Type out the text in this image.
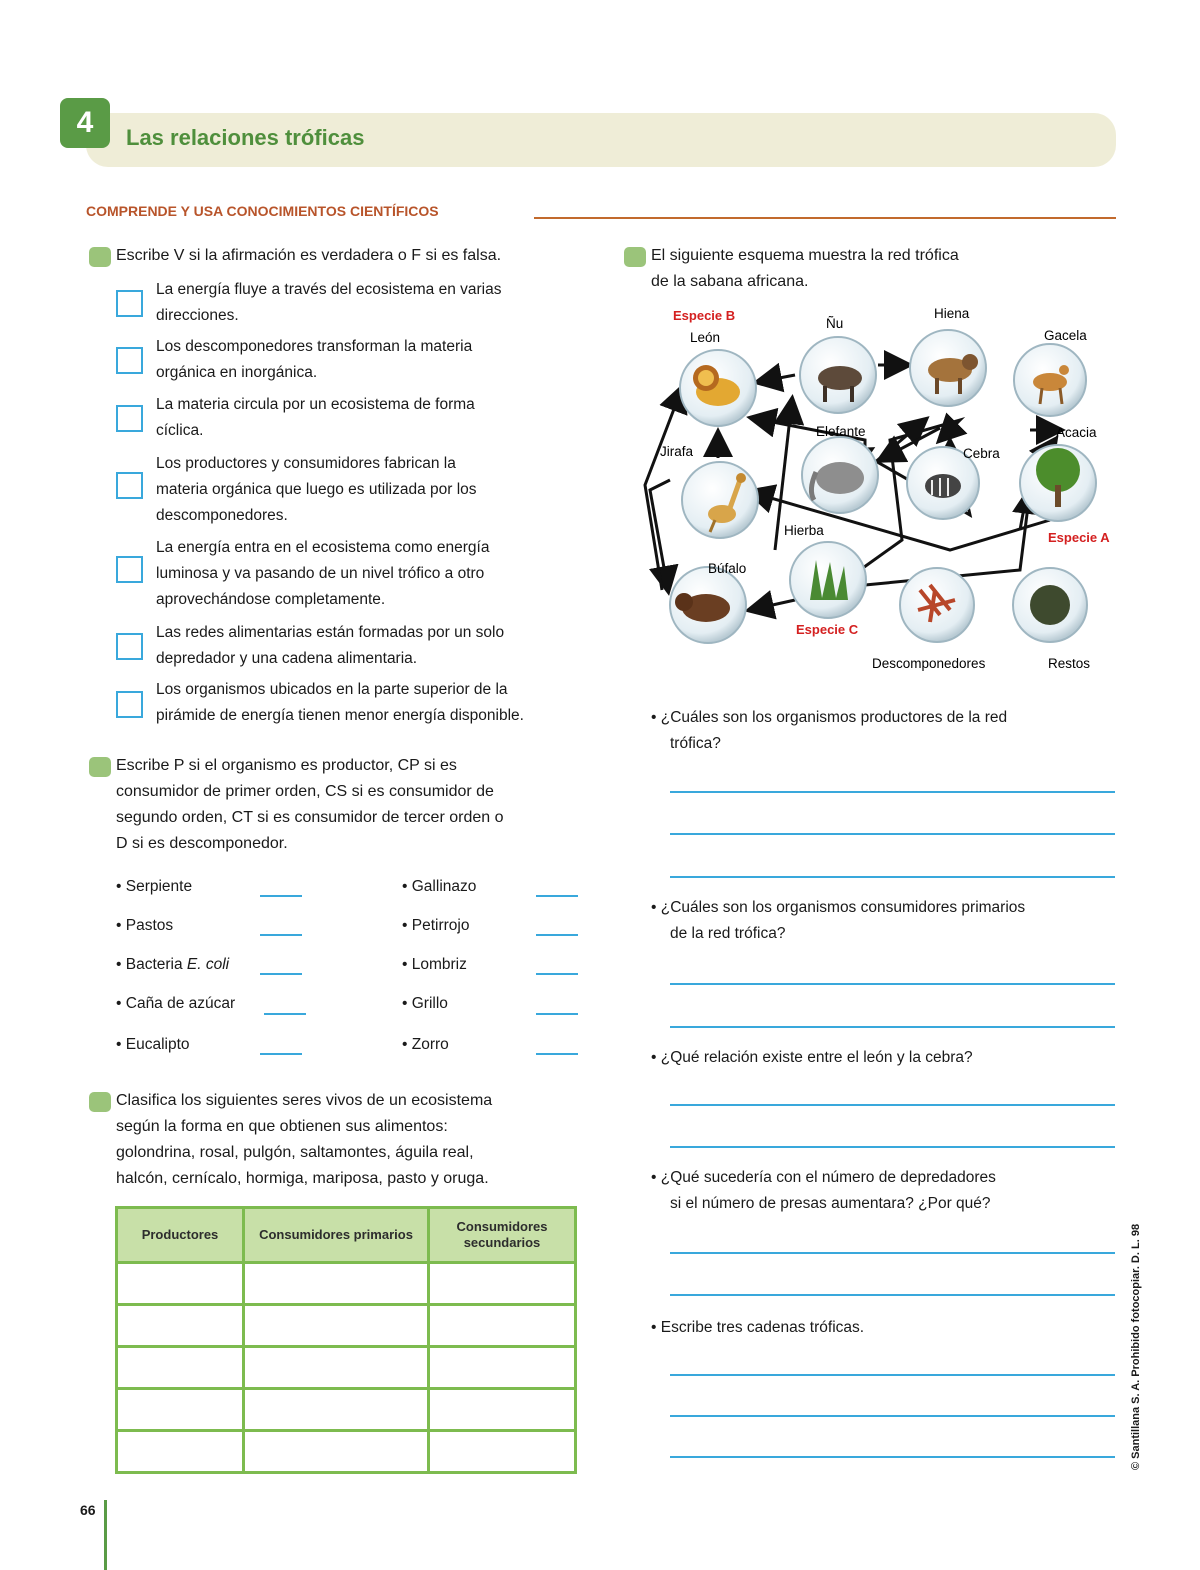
4	Las relaciones tróficas
COMPRENDE Y USA CONOCIMIENTOS CIENTÍFICOS
Escribe V si la afirmación es verdadera o F si es falsa.
La energía fluye a través del ecosistema en varias
direcciones.
Los descomponedores transforman la materia
orgánica en inorgánica.
La materia circula por un ecosistema de forma
cíclica.
Los productores y consumidores fabrican la
materia orgánica que luego es utilizada por los
descomponedores.
La energía entra en el ecosistema como energía
luminosa y va pasando de un nivel trófico a otro
aprovechándose completamente.
Las redes alimentarias están formadas por un solo
depredador y una cadena alimentaria.
Los organismos ubicados en la parte superior de la
pirámide de energía tienen menor energía disponible.
Escribe P si el organismo es productor, CP si es
consumidor de primer orden, CS si es consumidor de
segundo orden, CT si es consumidor de tercer orden o
D si es descomponedor.
• Serpiente
• Pastos
• Bacteria E. coli
• Caña de azúcar
• Eucalipto
• Gallinazo
• Petirrojo
• Lombriz
• Grillo
• Zorro
Clasifica los siguientes seres vivos de un ecosistema
según la forma en que obtienen sus alimentos:
golondrina, rosal, pulgón, saltamontes, águila real,
halcón, cernícalo, hormiga, mariposa, pasto y oruga.
Productores	Consumidores primarios	Consumidores secundarios

El siguiente esquema muestra la red trófica
de la sabana africana.
Especie B
León
Ñu
Hiena
Gacela
Jirafa
Elefante
Cebra
Acacia
Especie A
Hierba
Búfalo
Especie C
Descomponedores	Restos
• ¿Cuáles son los organismos productores de la red
trófica?
• ¿Cuáles son los organismos consumidores primarios
de la red trófica?
• ¿Qué relación existe entre el león y la cebra?
• ¿Qué sucedería con el número de depredadores
si el número de presas aumentara? ¿Por qué?
• Escribe tres cadenas tróficas.	© Santillana S. A. Prohibido fotocopiar. D. L. 98
66
